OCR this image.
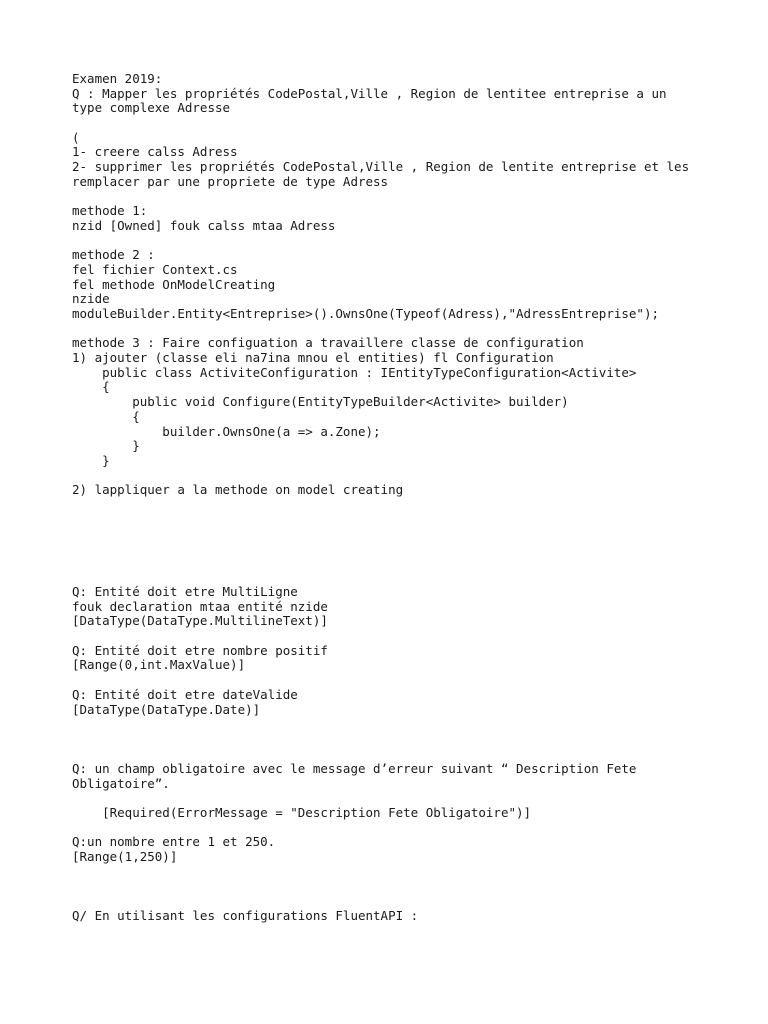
Examen 2019:
Q : Mapper les propriétés CodePostal,Ville , Region de lentitee entreprise a un
type complexe Adresse
(
1- creere calss Adress
2- supprimer les propriétés CodePostal,Ville , Region de lentite entreprise et les
remplacer par une propriete de type Adress
methode 1:
nzid [Owned] fouk calss mtaa Adress
methode 2 :
fel fichier Context.cs
fel methode OnModelCreating
nzide
moduleBuilder.Entity<Entreprise>().OwnsOne(Typeof(Adress),"AdressEntreprise");
methode 3 : Faire configuation a travaillere classe de configuration
1) ajouter (classe eli na7ina mnou el entities) fl Configuration
public class ActiviteConfiguration : IEntityTypeConfiguration<Activite>
{
public void Configure(EntityTypeBuilder<Activite> builder)
{
builder.OwnsOne(a => a.Zone);
}
}
2) lappliquer a la methode on model creating
Q: Entité doit etre MultiLigne
fouk declaration mtaa entité nzide
[DataType(DataType.MultilineText)]
Q: Entité doit etre nombre positif
[Range(0,int.MaxValue)]
Q: Entité doit etre dateValide
[DataType(DataType.Date)]
Q: un champ obligatoire avec le message d’erreur suivant “ Description Fete
Obligatoire”.
[Required(ErrorMessage = "Description Fete Obligatoire")]
Q:un nombre entre 1 et 250.
[Range(1,250)]
Q/ En utilisant les configurations FluentAPI :
